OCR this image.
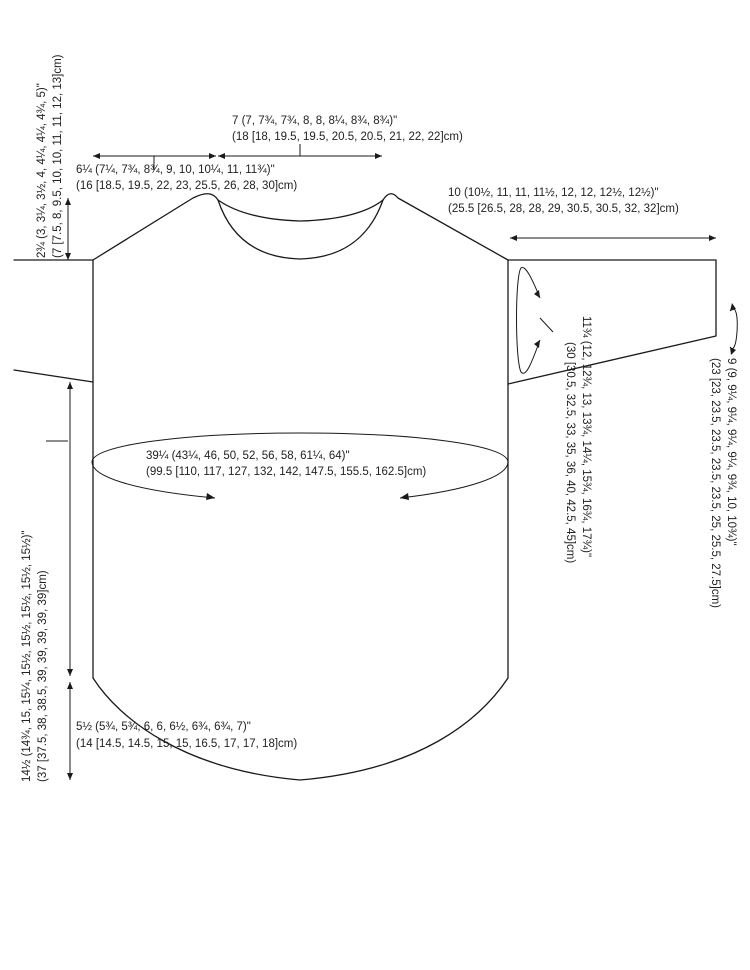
7 (7, 7¾, 7¾, 8, 8, 8¼, 8¾, 8¾)"
(18 [18, 19.5, 19.5, 20.5, 20.5, 21, 22, 22]cm)
6¼ (7¼, 7¾, 8¾, 9, 10, 10¼, 11, 11¾)"
(16 [18.5, 19.5, 22, 23, 25.5, 26, 28, 30]cm)
10 (10½, 11, 11, 11½, 12, 12, 12½, 12½)"
(25.5 [26.5, 28, 28, 29, 30.5, 30.5, 32, 32]cm)
39¼ (43¼, 46, 50, 52, 56, 58, 61¼, 64)"
(99.5 [110, 117, 127, 132, 142, 147.5, 155.5, 162.5]cm)
5½ (5¾, 5¾, 6, 6, 6½, 6¾, 6¾, 7)"
(14 [14.5, 14.5, 15, 15, 16.5, 17, 17, 18]cm)
2¾ (3, 3¼, 3½, 4, 4¼, 4¼, 4¾, 5)" (7 [7.5, 8, 9.5, 10, 10, 11, 11, 12, 13]cm)
14½ (14¾, 15, 15¼, 15½, 15½, 15½, 15½, 15½)" (37 [37.5, 38, 38.5, 39, 39, 39, 39, 39]cm)
11¾ (12, 12¾, 13, 13¾, 14¼, 15¾, 16¾, 17¾)"
(30 [30.5, 32.5, 33, 35, 36, 40, 42.5, 45]cm)	9 (9, 9¼, 9¼, 9¼, 9¼, 9¾, 10, 10¾)"
(23 [23, 23.5, 23.5, 23.5, 23.5, 25, 25.5, 27.5]cm)
